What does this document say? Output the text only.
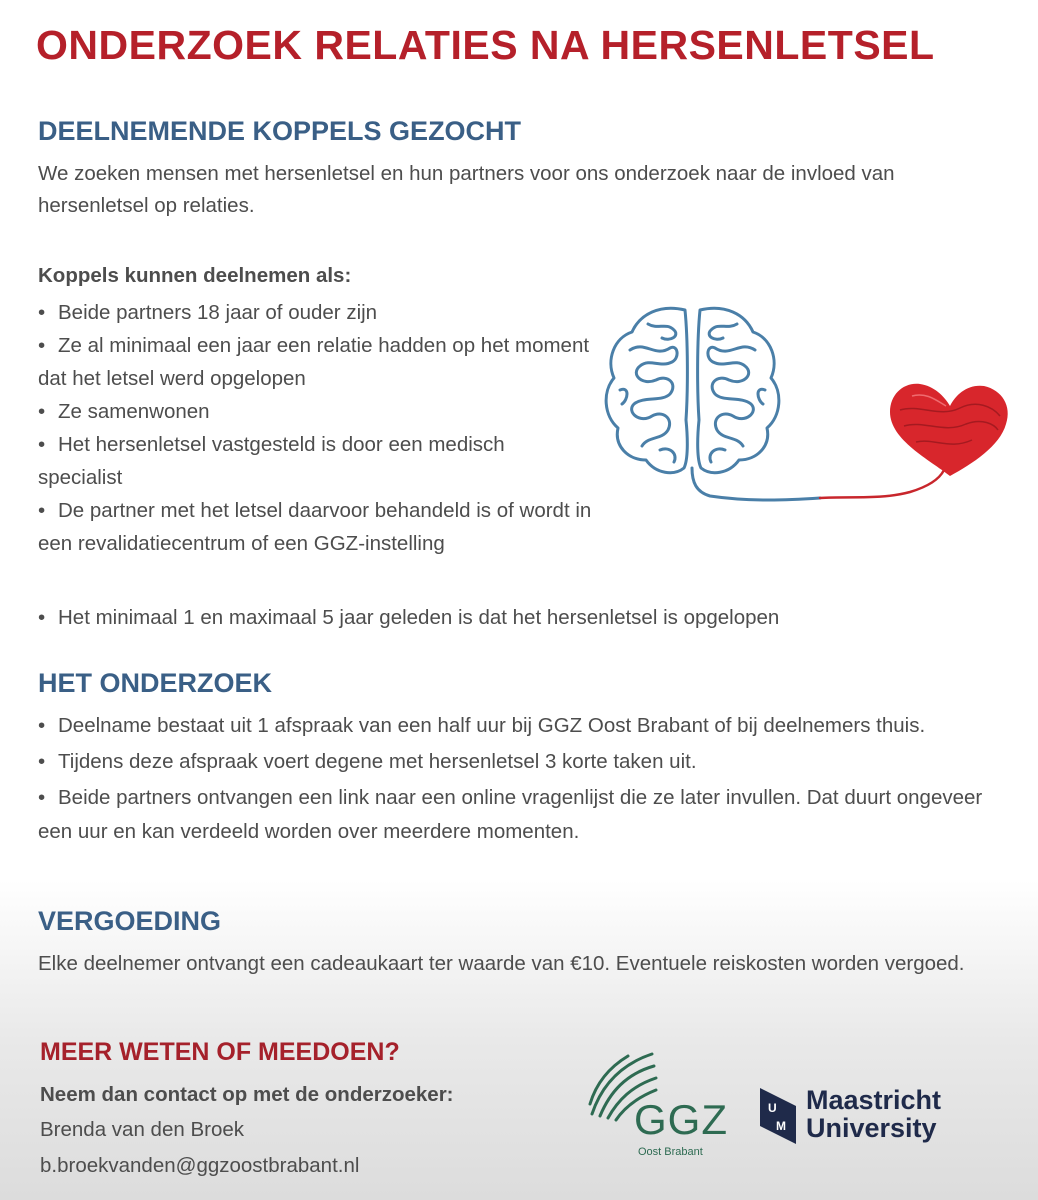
ONDERZOEK RELATIES NA HERSENLETSEL
DEELNEMENDE KOPPELS GEZOCHT

We zoeken mensen met hersenletsel en hun partners voor ons onderzoek naar de invloed van hersenletsel op relaties.

Koppels kunnen deelnemen als:

• Beide partners 18 jaar of ouder zijn
• Ze al minimaal een jaar een relatie hadden op het moment dat het letsel werd opgelopen
• Ze samenwonen
• Het hersenletsel vastgesteld is door een medisch specialist
• De partner met het letsel daarvoor behandeld is of wordt in een revalidatiecentrum of een GGZ-instelling
• Het minimaal 1 en maximaal 5 jaar geleden is dat het hersenletsel is opgelopen
HET ONDERZOEK
• Deelname bestaat uit 1 afspraak van een half uur bij GGZ Oost Brabant of bij deelnemers thuis.
• Tijdens deze afspraak voert degene met hersenletsel 3 korte taken uit.
• Beide partners ontvangen een link naar een online vragenlijst die ze later invullen. Dat duurt ongeveer een uur en kan verdeeld worden over meerdere momenten.
VERGOEDING

Elke deelnemer ontvangt een cadeaukaart ter waarde van €10. Eventuele reiskosten worden vergoed.

MEER WETEN OF MEEDOEN?

Neem dan contact op met de onderzoeker:

Brenda van den Broek

b.broekvanden@ggzoostbrabant.nl

GGZ
Oost Brabant
U
M
Maastricht
University
